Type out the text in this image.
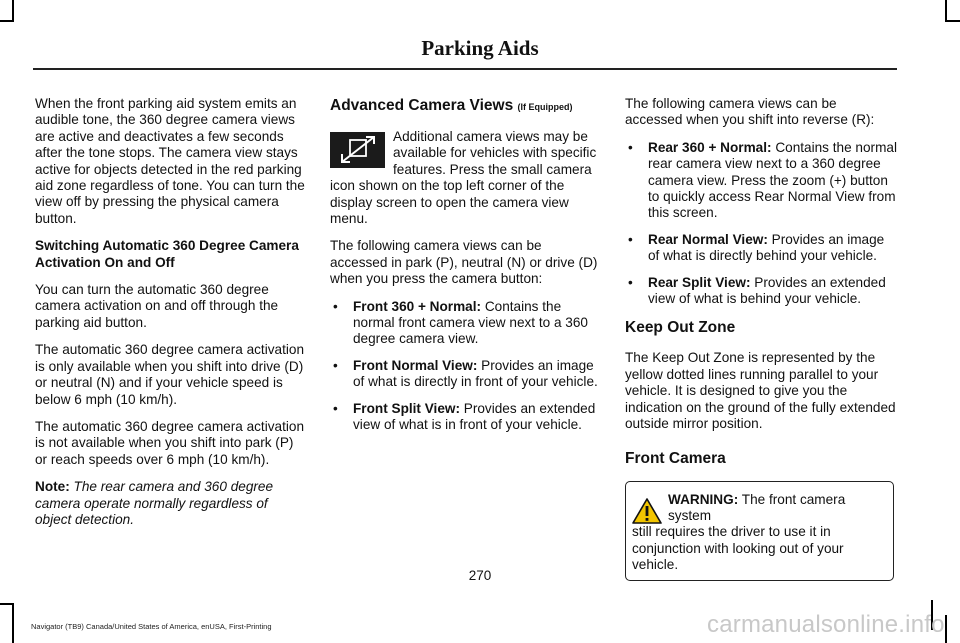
Parking Aids

When the front parking aid system emits an audible tone, the 360 degree camera views are active and deactivates a few seconds after the tone stops. The camera view stays active for objects detected in the red parking aid zone regardless of tone. You can turn the view off by pressing the physical camera button.

Switching Automatic 360 Degree Camera Activation On and Off

You can turn the automatic 360 degree camera activation on and off through the parking aid button.

The automatic 360 degree camera activation is only available when you shift into drive (D) or neutral (N) and if your vehicle speed is below 6 mph (10 km/h).

The automatic 360 degree camera activation is not available when you shift into park (P) or reach speeds over 6 mph (10 km/h).

Note: The rear camera and 360 degree camera operate normally regardless of object detection.

Advanced Camera Views (If Equipped)

Additional camera views may be available for vehicles with specific features. Press the small camera icon shown on the top left corner of the display screen to open the camera view menu.

The following camera views can be accessed in park (P), neutral (N) or drive (D) when you press the camera button:

• Front 360 + Normal: Contains the normal front camera view next to a 360 degree camera view.
• Front Normal View: Provides an image of what is directly in front of your vehicle.
• Front Split View: Provides an extended view of what is in front of your vehicle.

The following camera views can be accessed when you shift into reverse (R):

• Rear 360 + Normal: Contains the normal rear camera view next to a 360 degree camera view. Press the zoom (+) button to quickly access Rear Normal View from this screen.
• Rear Normal View: Provides an image of what is directly behind your vehicle.
• Rear Split View: Provides an extended view of what is behind your vehicle.
Keep Out Zone

The Keep Out Zone is represented by the yellow dotted lines running parallel to your vehicle. It is designed to give you the indication on the ground of the fully extended outside mirror position.

Front Camera
WARNING: The front camera system
still requires the driver to use it in conjunction with looking out of your vehicle.
270
Navigator (TB9) Canada/United States of America, enUSA, First-Printing	carmanualsonline.info
